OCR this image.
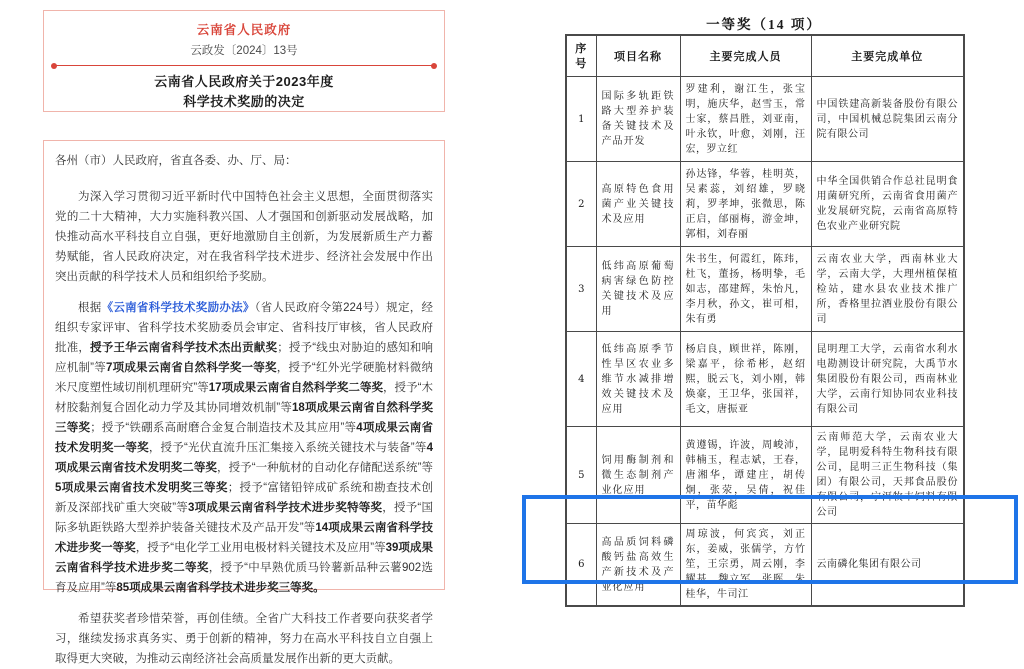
云南省人民政府
云政发〔2024〕13号
云南省人民政府关于2023年度
科学技术奖励的决定

各州（市）人民政府，省直各委、办、厅、局：

为深入学习贯彻习近平新时代中国特色社会主义思想，全面贯彻落实党的二十大精神，大力实施科教兴国、人才强国和创新驱动发展战略，加快推动高水平科技自立自强，更好地激励自主创新，为发展新质生产力蓄势赋能，省人民政府决定，对在我省科学技术进步、经济社会发展中作出突出贡献的科学技术人员和组织给予奖励。

根据《云南省科学技术奖励办法》（省人民政府令第224号）规定，经组织专家评审、省科学技术奖励委员会审定、省科技厅审核，省人民政府批准，授予王华云南省科学技术杰出贡献奖；授予“线虫对胁迫的感知和响应机制”等7项成果云南省自然科学奖一等奖，授予“红外光学硬脆材料微纳米尺度塑性域切削机理研究”等17项成果云南省自然科学奖二等奖，授予“木材胶黏剂复合固化动力学及其协同增效机制”等18项成果云南省自然科学奖三等奖；授予“铁硼系高耐磨合金复合制造技术及其应用”等4项成果云南省技术发明奖一等奖，授予“光伏直流升压汇集接入系统关键技术与装备”等4项成果云南省技术发明奖二等奖，授予“一种航材的自动化存储配送系统”等5项成果云南省技术发明奖三等奖；授予“富锗铅锌成矿系统和勘查技术创新及深部找矿重大突破”等3项成果云南省科学技术进步奖特等奖，授予“国际多轨距铁路大型养护装备关键技术及产品开发”等14项成果云南省科学技术进步奖一等奖，授予“电化学工业用电极材料关键技术及应用”等39项成果云南省科学技术进步奖二等奖，授予“中早熟优质马铃薯新品种云薯902选育及应用”等85项成果云南省科学技术进步奖三等奖。

希望获奖者珍惜荣誉，再创佳绩。全省广大科技工作者要向获奖者学习，继续发扬求真务实、勇于创新的精神，努力在高水平科技自立自强上取得更大突破，为推动云南经济社会高质量发展作出新的更大贡献。

一等奖（14 项）
序号	项目名称	主要完成人员	主要完成单位
1	国际多轨距铁路大型养护装备关键技术及产品开发	罗建利，谢江生，张宝明，施庆华，赵雪玉，常士家，蔡昌胜，刘亚南，叶永钦，叶愈，刘刚，汪宏，罗立红	中国铁建高新装备股份有限公司，中国机械总院集团云南分院有限公司
2	高原特色食用菌产业关键技术及应用	孙达锋，华蓉，桂明英，吴素蕊，刘绍雄，罗晓莉，罗孝坤，张微思，陈正启，邰丽梅，游金坤，郭相，刘春丽	中华全国供销合作总社昆明食用菌研究所，云南省食用菌产业发展研究院，云南省高原特色农业产业研究院
3	低纬高原葡萄病害绿色防控关键技术及应用	朱书生，何霞红，陈玮，杜飞，董扬，杨明挚，毛如志，邵建辉，朱怡凡，李月秋，孙文，崔可相，朱有勇	云南农业大学，西南林业大学，云南大学，大理州植保植检站，建水县农业技术推广所，香格里拉酒业股份有限公司
4	低纬高原季节性旱区农业多维节水减排增效关键技术及应用	杨启良，顾世祥，陈刚，梁嘉平，徐希彬，赵绍熙，脱云飞，刘小刚，韩焕豪，王卫华，张国祥，毛文，唐振亚	昆明理工大学，云南省水利水电勘测设计研究院，大禹节水集团股份有限公司，西南林业大学，云南行知协同农业科技有限公司
5	饲用酶制剂和微生态制剂产业化应用	黄遵锡，许波，周峻沛，韩楠玉，程志斌，王春，唐湘华，谭建庄，胡传炯，张荥，吴倩，祝佳平，苗华彪	云南师范大学，云南农业大学，昆明爱科特生物科技有限公司，昆明三正生物科技（集团）有限公司，天邦食品股份有限公司，宁洱牧丰饲料有限公司
6	高品质饲料磷酸钙盐高效生产新技术及产业化应用	周琼波，何宾宾，刘正东，姜威，张儒学，方竹笙，王宗勇，周云刚，李耀基，魏立军，张晖，朱桂华，牛司江	云南磷化集团有限公司
